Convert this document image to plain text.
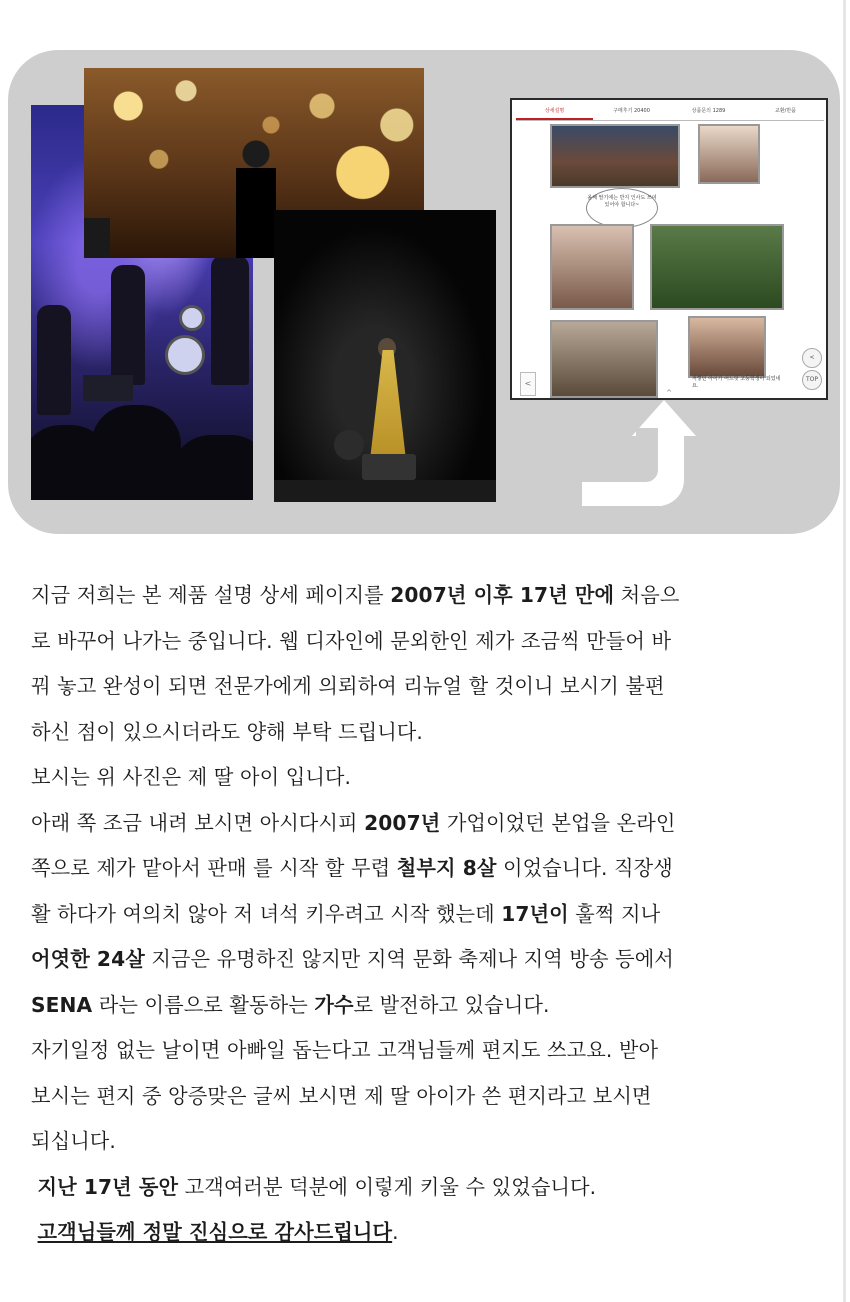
상세설명	구매후기 20400	상품문의 1289	교환/반품
올해 딸기에는 반지 인사도 쓰여 있어야 합니다~
저렇던 아이가 어느덧 고등학생이 되었네요.
<
TOP
<
^
지금 저희는 본 제품 설명 상세 페이지를 2007년 이후 17년 만에 처음으
로 바꾸어 나가는 중입니다. 웹 디자인에 문외한인 제가 조금씩 만들어 바
꿔 놓고 완성이 되면 전문가에게 의뢰하여 리뉴얼 할 것이니 보시기 불편
하신 점이 있으시더라도 양해 부탁 드립니다.
보시는 위 사진은 제 딸 아이 입니다.
아래 쪽 조금 내려 보시면 아시다시피 2007년 가업이었던 본업을 온라인
쪽으로 제가 맡아서 판매 를 시작 할 무렵 철부지 8살 이었습니다. 직장생
활 하다가 여의치 않아 저 녀석 키우려고 시작 했는데 17년이 훌쩍 지나
어엿한 24살 지금은 유명하진 않지만 지역 문화 축제나 지역 방송 등에서
SENA 라는 이름으로 활동하는 가수로 발전하고 있습니다.
자기일정 없는 날이면 아빠일 돕는다고 고객님들께 편지도 쓰고요. 받아
보시는 편지 중 앙증맞은 글씨 보시면 제 딸 아이가 쓴 편지라고 보시면
되십니다.
지난 17년 동안 고객여러분 덕분에 이렇게 키울 수 있었습니다.
고객님들께 정말 진심으로 감사드립니다.
